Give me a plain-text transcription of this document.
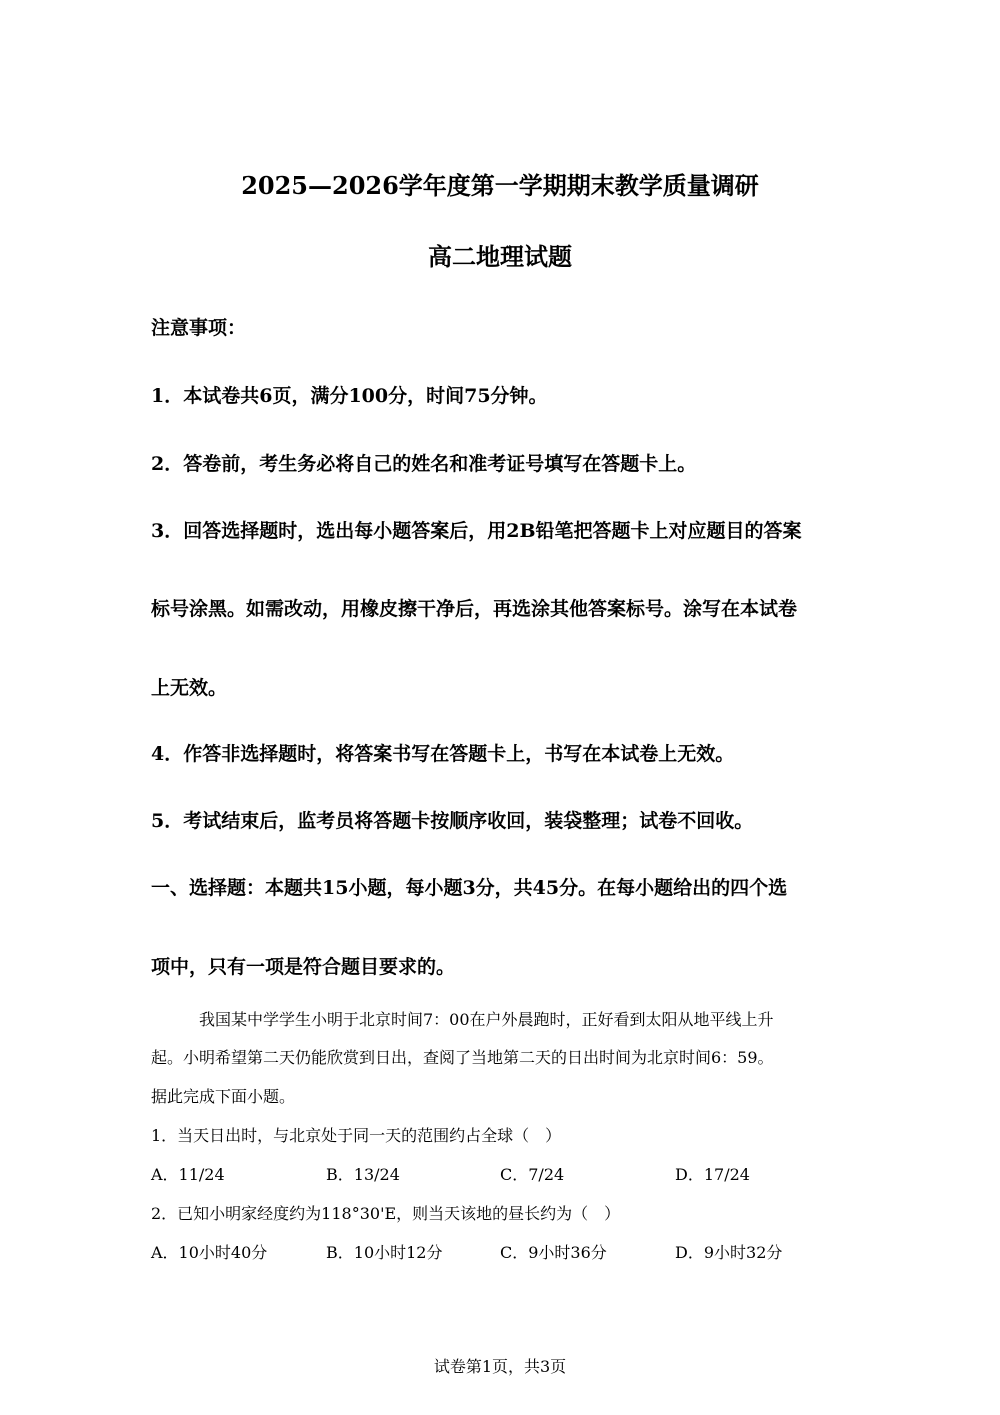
2025—2026学年度第一学期期末教学质量调研
高二地理试题
注意事项：
1．本试卷共6页，满分100分，时间75分钟。
2．答卷前，考生务必将自己的姓名和准考证号填写在答题卡上。
3．回答选择题时，选出每小题答案后，用2B铅笔把答题卡上对应题目的答案
标号涂黑。如需改动，用橡皮擦干净后，再选涂其他答案标号。涂写在本试卷
上无效。
4．作答非选择题时，将答案书写在答题卡上，书写在本试卷上无效。
5．考试结束后，监考员将答题卡按顺序收回，装袋整理；试卷不回收。
一、选择题：本题共15小题，每小题3分，共45分。在每小题给出的四个选
项中，只有一项是符合题目要求的。
我国某中学学生小明于北京时间7：00在户外晨跑时，正好看到太阳从地平线上升
起。小明希望第二天仍能欣赏到日出，查阅了当地第二天的日出时间为北京时间6：59。
据此完成下面小题。
1．当天日出时，与北京处于同一天的范围约占全球（　）
A．11/24	B．13/24	C．7/24	D．17/24
2．已知小明家经度约为118°30'E，则当天该地的昼长约为（　）
A．10小时40分	B．10小时12分	C．9小时36分	D．9小时32分
试卷第1页，共3页
